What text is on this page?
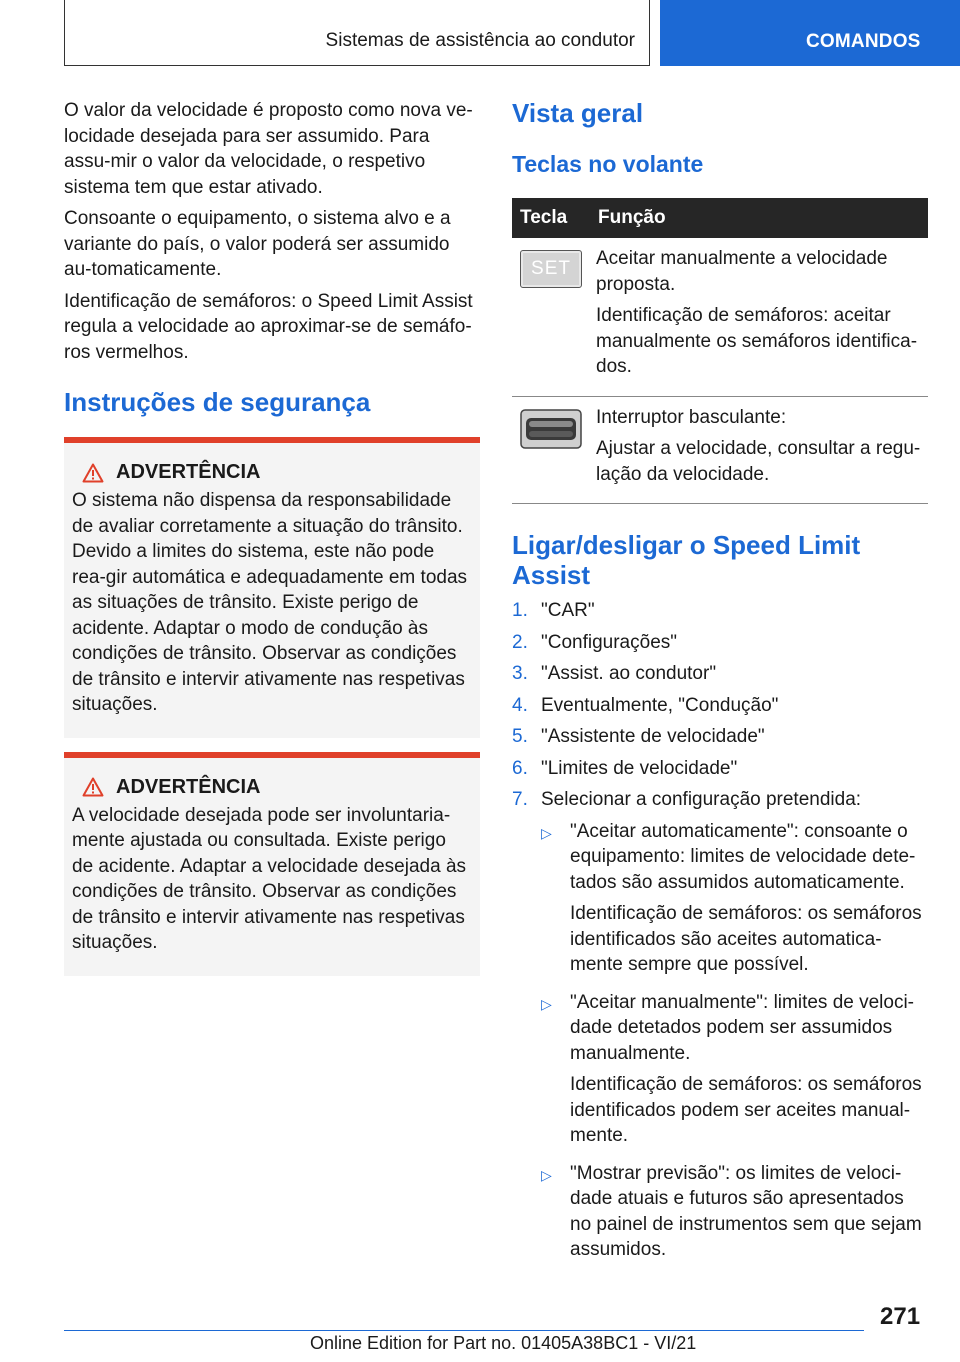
Sistemas de assistência ao condutor	COMANDOS

O valor da velocidade é proposto como nova ve-locidade desejada para ser assumido. Para assu-mir o valor da velocidade, o respetivo sistema tem que estar ativado.

Consoante o equipamento, o sistema alvo e a variante do país, o valor poderá ser assumido au-tomaticamente.

Identificação de semáforos: o Speed Limit Assist regula a velocidade ao aproximar-se de semáfo-ros vermelhos.

Instruções de segurança
ADVERTÊNCIA

O sistema não dispensa da responsabilidade de avaliar corretamente a situação do trânsito. Devido a limites do sistema, este não pode rea-gir automática e adequadamente em todas as situações de trânsito. Existe perigo de acidente. Adaptar o modo de condução às condições de trânsito. Observar as condições de trânsito e intervir ativamente nas respetivas situações.

ADVERTÊNCIA

A velocidade desejada pode ser involuntaria-mente ajustada ou consultada. Existe perigo de acidente. Adaptar a velocidade desejada às condições de trânsito. Observar as condições de trânsito e intervir ativamente nas respetivas situações.

Vista geral
Teclas no volante
Tecla	Função

SET	Aceitar manualmente a velocidade proposta.

Identificação de semáforos: aceitar manualmente os semáforos identifica-dos.

Interruptor basculante:

Ajustar a velocidade, consultar a regu-lação da velocidade.

Ligar/desligar o Speed Limit Assist
1. "CAR"
2. "Configurações"
3. "Assist. ao condutor"
4. Eventualmente, "Condução"
5. "Assistente de velocidade"
6. "Limites de velocidade"
7. Selecionar a configuração pretendida:
▷ "Aceitar automaticamente": consoante o equipamento: limites de velocidade dete-tados são assumidos automaticamente.

Identificação de semáforos: os semáforos identificados são aceites automatica-mente sempre que possível.

▷ "Aceitar manualmente": limites de veloci-dade detetados podem ser assumidos manualmente.

Identificação de semáforos: os semáforos identificados podem ser aceites manual-mente.

▷ "Mostrar previsão": os limites de veloci-dade atuais e futuros são apresentados no painel de instrumentos sem que sejam assumidos.

271
Online Edition for Part no. 01405A38BC1 - VI/21
